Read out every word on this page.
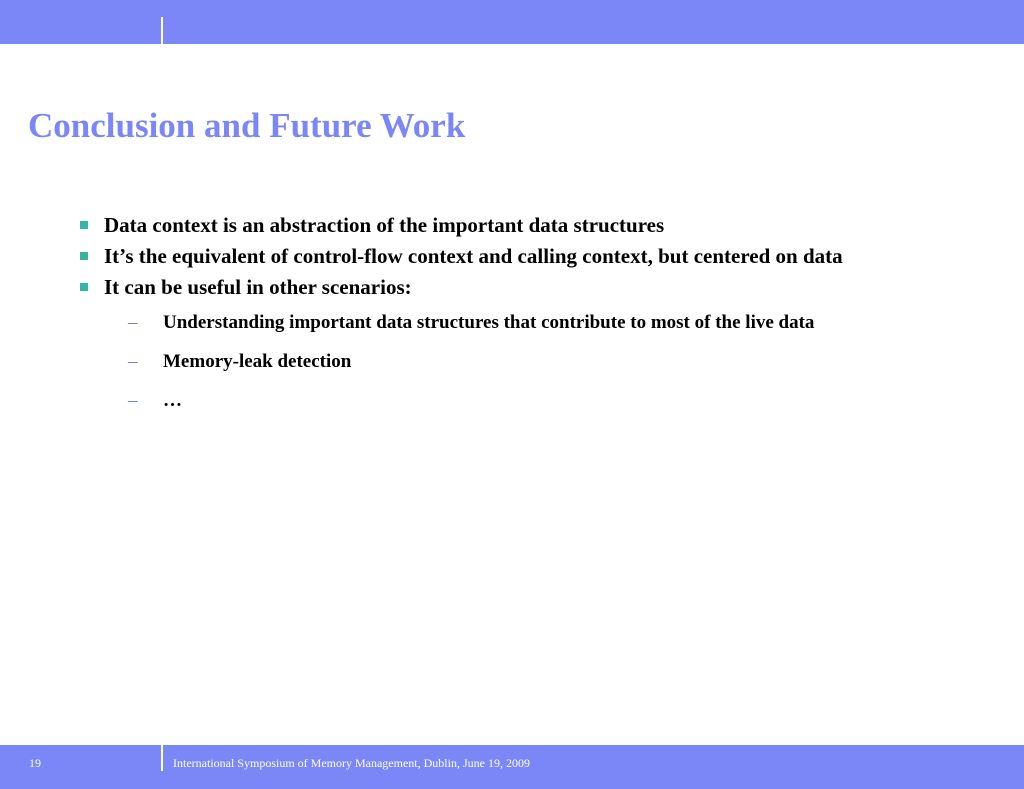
Conclusion and Future Work
Data context is an abstraction of the important data structures
It’s the equivalent of control-flow context and calling context, but centered on data
It can be useful in other scenarios:
– Understanding important data structures that contribute to most of the live data
– Memory-leak detection
– …
19	International Symposium of Memory Management, Dublin, June 19, 2009
